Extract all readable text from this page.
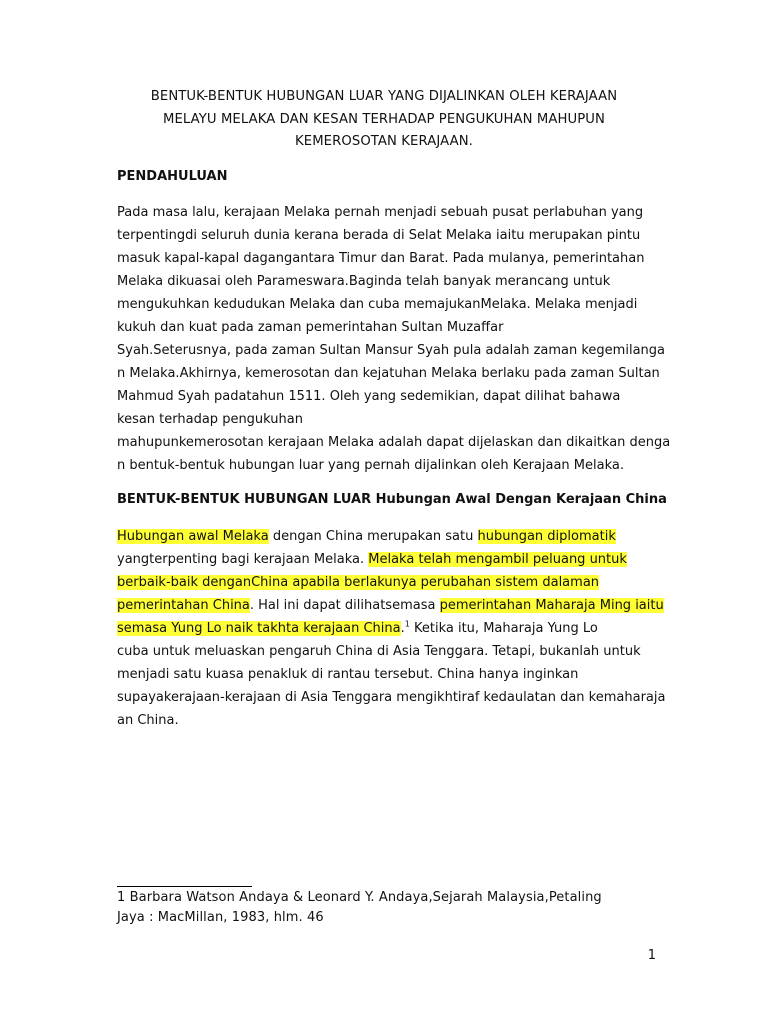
BENTUK-BENTUK HUBUNGAN LUAR YANG DIJALINKAN OLEH KERAJAAN
MELAYU MELAKA DAN KESAN TERHADAP PENGUKUHAN MAHUPUN
KEMEROSOTAN KERAJAAN.
PENDAHULUAN
Pada masa lalu, kerajaan Melaka pernah menjadi sebuah pusat perlabuhan yang
terpentingdi seluruh dunia kerana berada di Selat Melaka iaitu merupakan pintu
masuk kapal-kapal dagangantara Timur dan Barat. Pada mulanya, pemerintahan
Melaka dikuasai oleh Parameswara.Baginda telah banyak merancang untuk
mengukuhkan kedudukan Melaka dan cuba memajukanMelaka. Melaka menjadi
kukuh dan kuat pada zaman pemerintahan Sultan Muzaffar
Syah.Seterusnya, pada zaman Sultan Mansur Syah pula adalah zaman kegemilanga
n Melaka.Akhirnya, kemerosotan dan kejatuhan Melaka berlaku pada zaman Sultan
Mahmud Syah padatahun 1511. Oleh yang sedemikian, dapat dilihat bahawa
kesan terhadap pengukuhan
mahupunkemerosotan kerajaan Melaka adalah dapat dijelaskan dan dikaitkan denga
n bentuk-bentuk hubungan luar yang pernah dijalinkan oleh Kerajaan Melaka.
BENTUK-BENTUK HUBUNGAN LUAR Hubungan Awal Dengan Kerajaan China
Hubungan awal Melaka dengan China merupakan satu hubungan diplomatik
yangterpenting bagi kerajaan Melaka. Melaka telah mengambil peluang untuk
berbaik-baik denganChina apabila berlakunya perubahan sistem dalaman
pemerintahan China. Hal ini dapat dilihatsemasa pemerintahan Maharaja Ming iaitu
semasa Yung Lo naik takhta kerajaan China.$^1$ Ketika itu, Maharaja Yung Lo
cuba untuk meluaskan pengaruh China di Asia Tenggara. Tetapi, bukanlah untuk
menjadi satu kuasa penakluk di rantau tersebut. China hanya inginkan
supayakerajaan-kerajaan di Asia Tenggara mengikhtiraf kedaulatan dan kemaharaja
an China.
1 Barbara Watson Andaya & Leonard Y. Andaya,Sejarah Malaysia,Petaling
Jaya : MacMillan, 1983, hlm. 46
1
